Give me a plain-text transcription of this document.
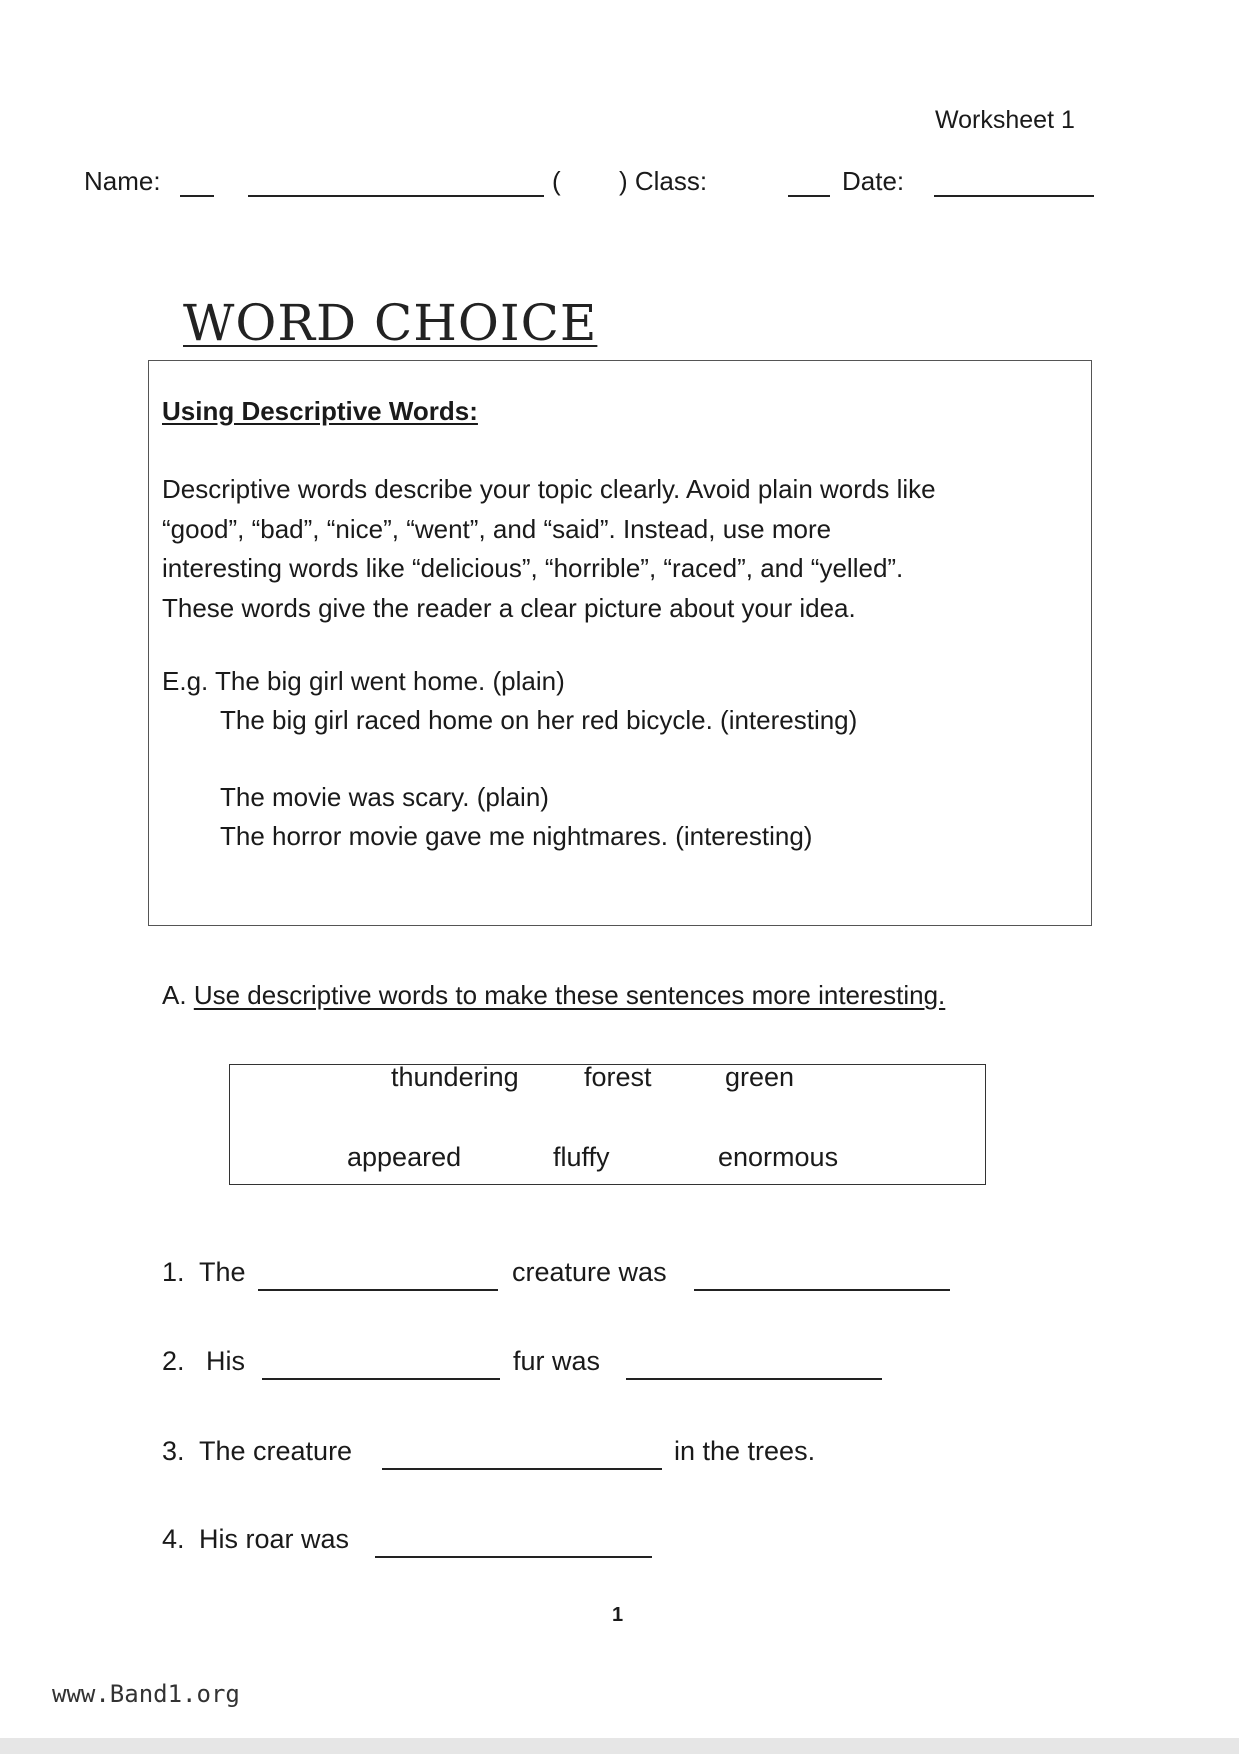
Worksheet 1
Name:	( ) Class:	Date:
WORD CHOICE
Using Descriptive Words:

Descriptive words describe your topic clearly. Avoid plain words like

“good”, “bad”, “nice”, “went”, and “said”. Instead, use more

interesting words like “delicious”, “horrible”, “raced”, and “yelled”.

These words give the reader a clear picture about your idea.

E.g. The big girl went home. (plain)
The big girl raced home on her red bicycle. (interesting)
The movie was scary. (plain)
The horror movie gave me nightmares. (interesting)
A. Use descriptive words to make these sentences more interesting.
thundering forest	green
appeared	fluffy	enormous
1. The	creature was
2. His	fur was
3. The creature	in the trees.
4. His roar was
1
www.Band1.org
